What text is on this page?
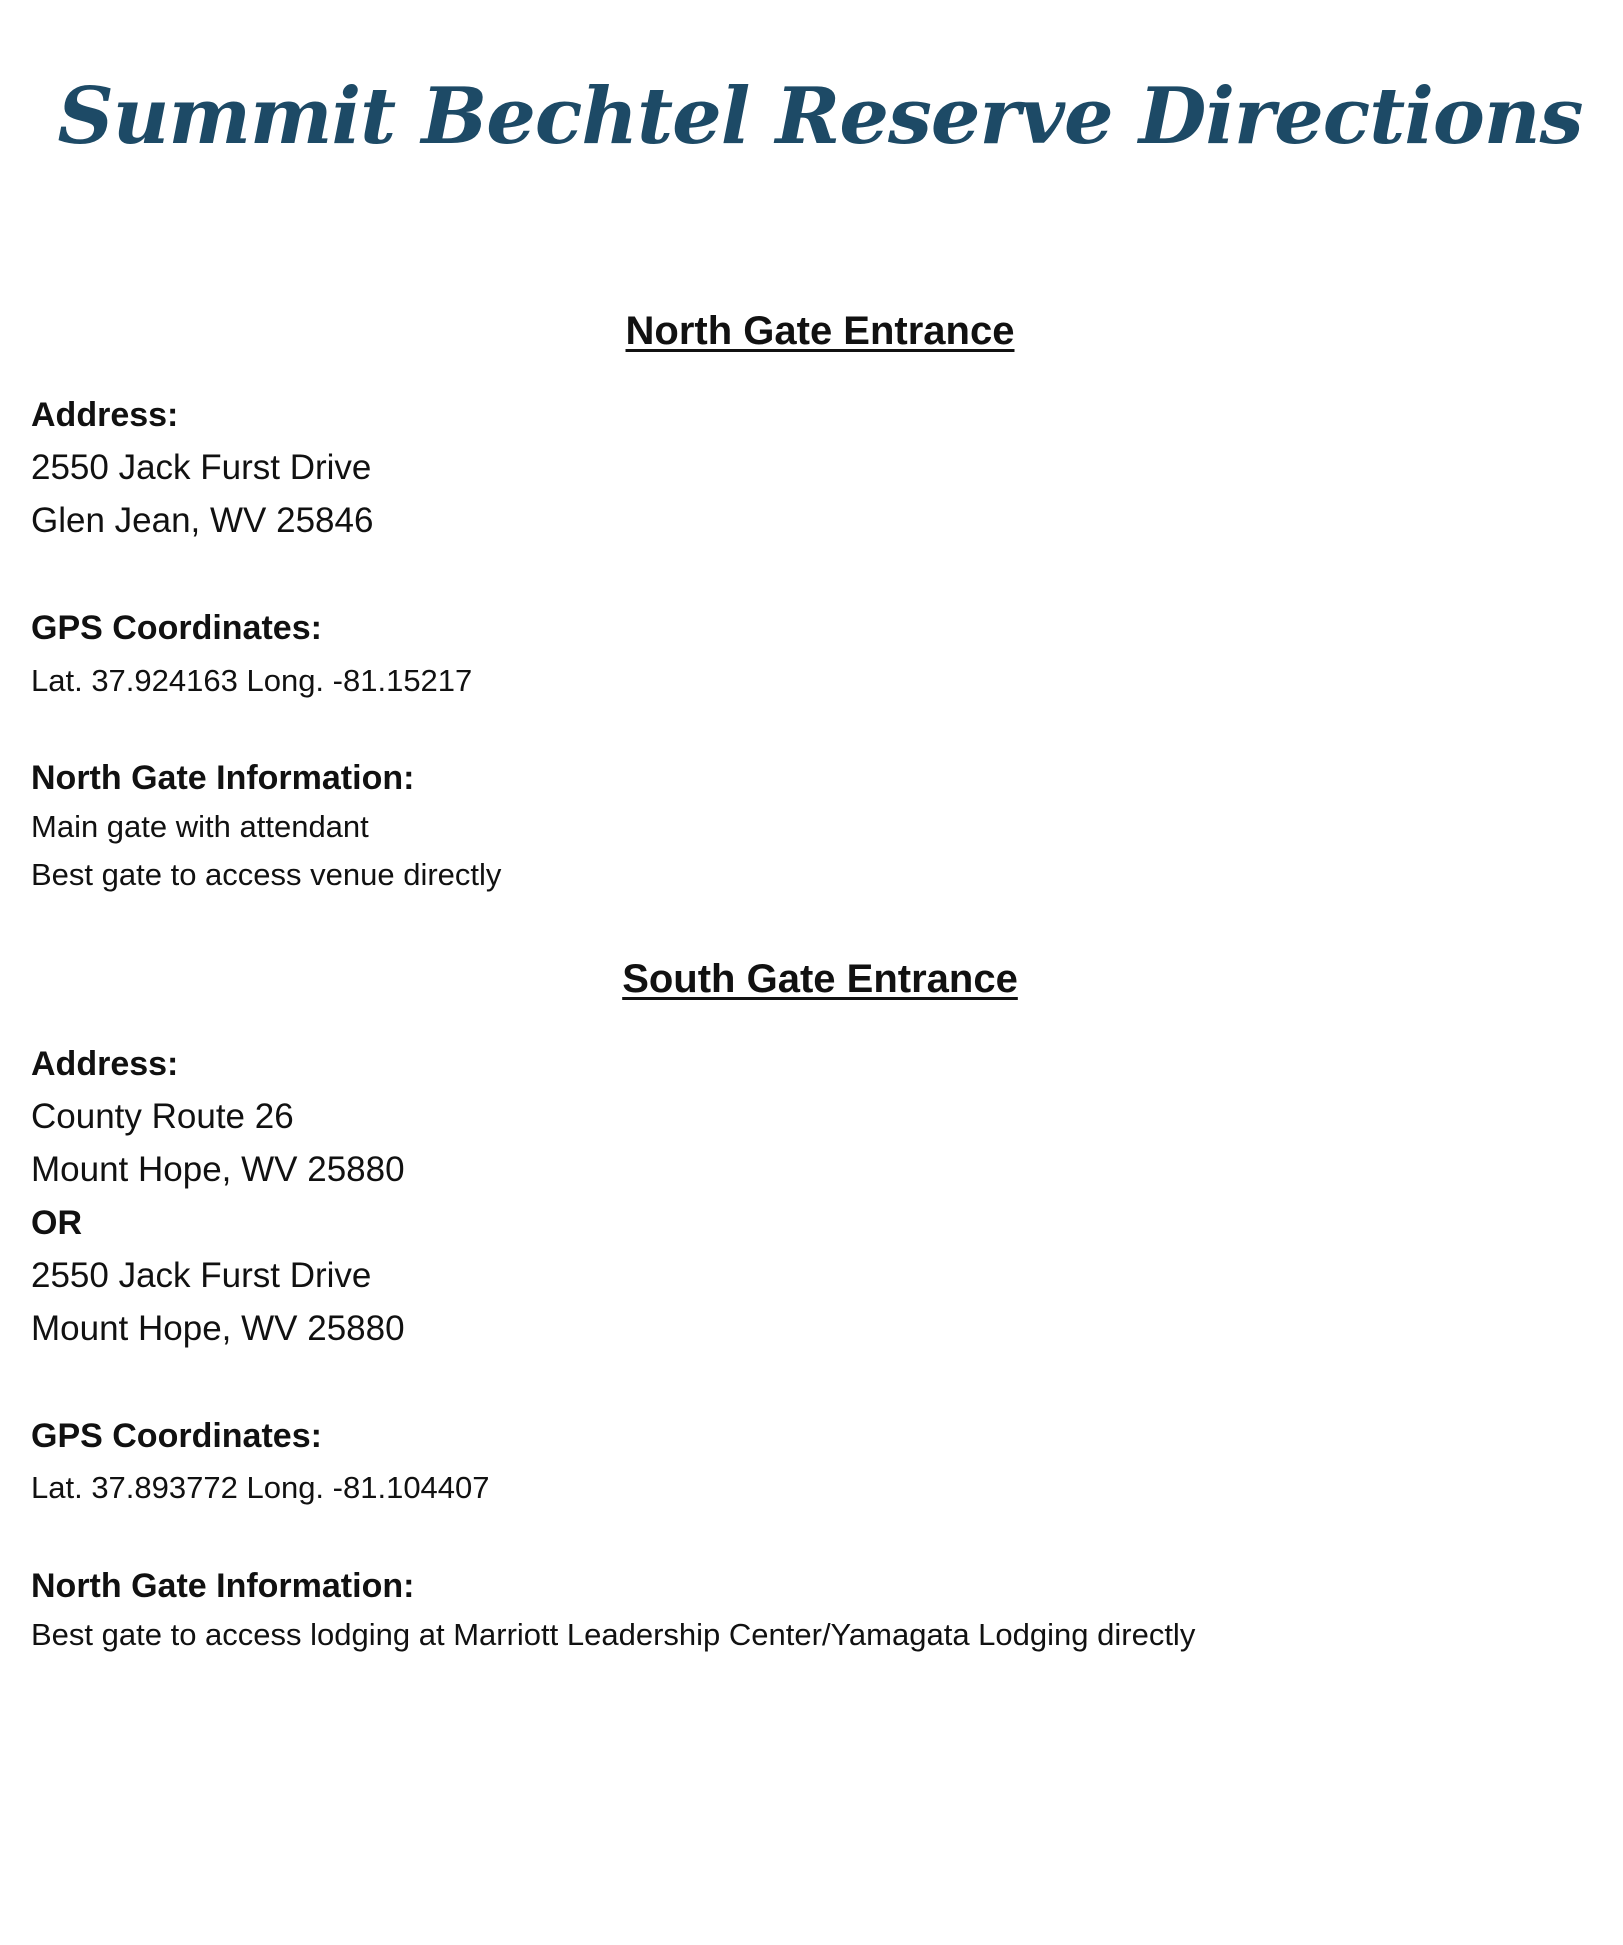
Summit Bechtel Reserve Directions
North Gate Entrance
Address:
2550 Jack Furst Drive
Glen Jean, WV 25846
GPS Coordinates:
Lat. 37.924163 Long. -81.15217
North Gate Information:
Main gate with attendant
Best gate to access venue directly
South Gate Entrance
Address:
County Route 26
Mount Hope, WV 25880
OR
2550 Jack Furst Drive
Mount Hope, WV 25880
GPS Coordinates:
Lat. 37.893772 Long. -81.104407
North Gate Information:
Best gate to access lodging at Marriott Leadership Center/Yamagata Lodging directly
